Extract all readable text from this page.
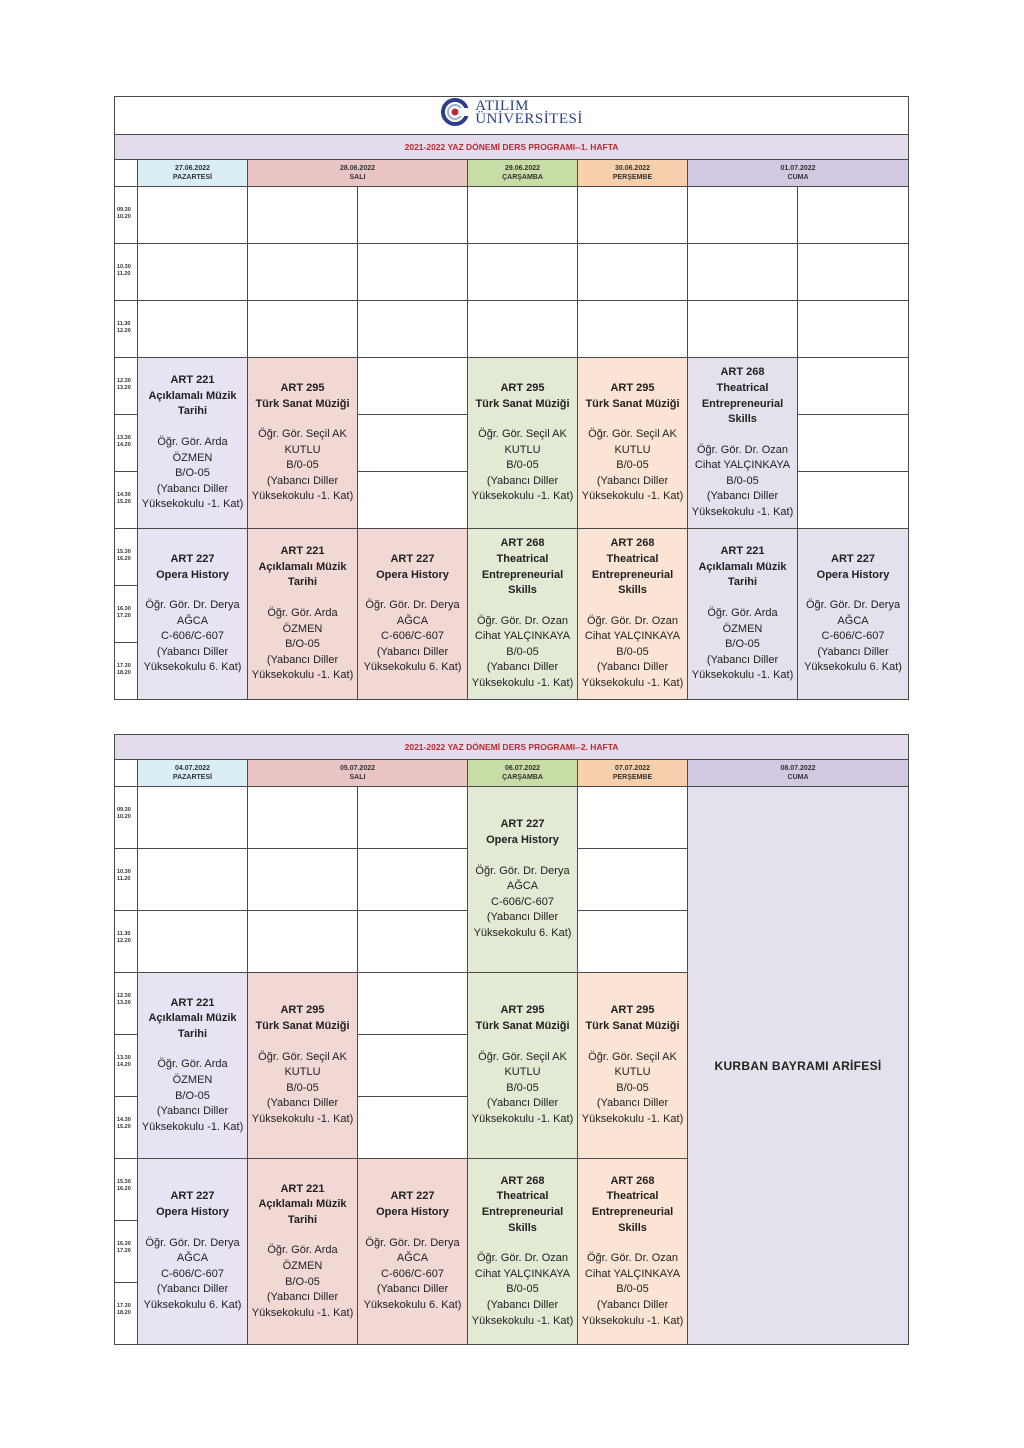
ATILIM
ÜNİVERSİTESİ							

2021-2022 YAZ DÖNEMİ DERS PROGRAMI--1. HAFTA							

	27.06.2022
PAZARTESİ	28.06.2022
SALI		29.06.2022
ÇARŞAMBA	30.06.2022
PERŞEMBE	01.07.2022
CUMA	

09.30
10.20							

10.30
11.20							

11.30
12.20							

12.30
13.20	ART 221
Açıklamalı Müzik Tarihi
Öğr. Gör. Arda ÖZMEN
B/O-05
(Yabancı Diller Yüksekokulu -1. Kat)	ART 295
Türk Sanat Müziği
Öğr. Gör. Seçil AK KUTLU
B/0-05
(Yabancı Diller Yüksekokulu -1. Kat)		ART 295
Türk Sanat Müziği
Öğr. Gör. Seçil AK KUTLU
B/0-05
(Yabancı Diller Yüksekokulu -1. Kat)	ART 295
Türk Sanat Müziği
Öğr. Gör. Seçil AK KUTLU
B/0-05
(Yabancı Diller Yüksekokulu -1. Kat)	ART 268
Theatrical Entrepreneurial Skills
Öğr. Gör. Dr. Ozan Cihat YALÇINKAYA
B/0-05
(Yabancı Diller Yüksekokulu -1. Kat)	

13.30
14.20							

14.30
15.20							

15.30
16.20	ART 227
Opera History
Öğr. Gör. Dr. Derya AĞCA
C-606/C-607
(Yabancı Diller Yüksekokulu 6. Kat)	ART 221
Açıklamalı Müzik Tarihi
Öğr. Gör. Arda ÖZMEN
B/O-05
(Yabancı Diller Yüksekokulu -1. Kat)	ART 227
Opera History
Öğr. Gör. Dr. Derya AĞCA
C-606/C-607
(Yabancı Diller Yüksekokulu 6. Kat)	ART 268
Theatrical Entrepreneurial Skills
Öğr. Gör. Dr. Ozan Cihat YALÇINKAYA
B/0-05
(Yabancı Diller Yüksekokulu -1. Kat)	ART 268
Theatrical Entrepreneurial Skills
Öğr. Gör. Dr. Ozan Cihat YALÇINKAYA
B/0-05
(Yabancı Diller Yüksekokulu -1. Kat)	ART 221
Açıklamalı Müzik Tarihi
Öğr. Gör. Arda ÖZMEN
B/O-05
(Yabancı Diller Yüksekokulu -1. Kat)	ART 227
Opera History
Öğr. Gör. Dr. Derya AĞCA
C-606/C-607
(Yabancı Diller Yüksekokulu 6. Kat)

16.30
17.20							

17.30
18.20							
2021-2022 YAZ DÖNEMİ DERS PROGRAMI--2. HAFTA						

	04.07.2022
PAZARTESİ	05.07.2022
SALI		06.07.2022
ÇARŞAMBA	07.07.2022
PERŞEMBE	08.07.2022
CUMA

09.30
10.20				ART 227
Opera History
Öğr. Gör. Dr. Derya AĞCA
C-606/C-607
(Yabancı Diller Yüksekokulu 6. Kat)		KURBAN BAYRAMI ARİFESİ

10.30
11.20						

11.30
12.20						

12.30
13.20	ART 221
Açıklamalı Müzik Tarihi
Öğr. Gör. Arda ÖZMEN
B/O-05
(Yabancı Diller Yüksekokulu -1. Kat)	ART 295
Türk Sanat Müziği
Öğr. Gör. Seçil AK KUTLU
B/0-05
(Yabancı Diller Yüksekokulu -1. Kat)		ART 295
Türk Sanat Müziği
Öğr. Gör. Seçil AK KUTLU
B/0-05
(Yabancı Diller Yüksekokulu -1. Kat)	ART 295
Türk Sanat Müziği
Öğr. Gör. Seçil AK KUTLU
B/0-05
(Yabancı Diller Yüksekokulu -1. Kat)	

13.30
14.20						

14.30
15.20						

15.30
16.20	ART 227
Opera History
Öğr. Gör. Dr. Derya AĞCA
C-606/C-607
(Yabancı Diller Yüksekokulu 6. Kat)	ART 221
Açıklamalı Müzik Tarihi
Öğr. Gör. Arda ÖZMEN
B/O-05
(Yabancı Diller Yüksekokulu -1. Kat)	ART 227
Opera History
Öğr. Gör. Dr. Derya AĞCA
C-606/C-607
(Yabancı Diller Yüksekokulu 6. Kat)	ART 268
Theatrical Entrepreneurial Skills
Öğr. Gör. Dr. Ozan Cihat YALÇINKAYA
B/0-05
(Yabancı Diller Yüksekokulu -1. Kat)	ART 268
Theatrical Entrepreneurial Skills
Öğr. Gör. Dr. Ozan Cihat YALÇINKAYA
B/0-05
(Yabancı Diller Yüksekokulu -1. Kat)	

16.30
17.20						

17.30
18.20						
